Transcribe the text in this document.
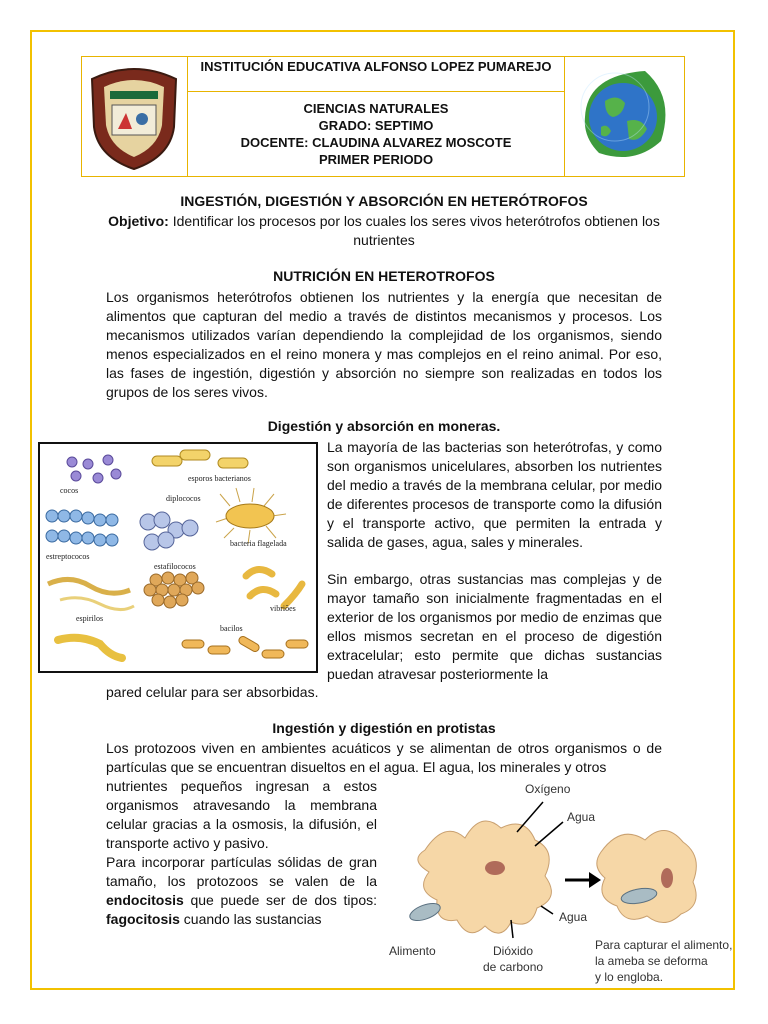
INSTITUCIÓN EDUCATIVA ALFONSO LOPEZ PUMAREJO
CIENCIAS NATURALES
GRADO: SEPTIMO
DOCENTE: CLAUDINA ALVAREZ MOSCOTE
PRIMER PERIODO
INGESTIÓN, DIGESTIÓN Y ABSORCIÓN EN HETERÓTROFOS
Objetivo: Identificar los procesos por los cuales los seres vivos heterótrofos obtienen los nutrientes
NUTRICIÓN EN HETEROTROFOS
Los organismos heterótrofos obtienen los nutrientes y la energía que necesitan de alimentos que capturan del medio a través de distintos mecanismos y procesos. Los mecanismos utilizados varían dependiendo la complejidad de los organismos, siendo menos especializados en el reino monera y mas complejos en el reino animal. Por eso, las fases de ingestión, digestión y absorción no siempre son realizadas en todos los grupos de los seres vivos.
Digestión y absorción en moneras.
cocos
esporos bacterianos
diplococos
estreptococos
bacteria flagelada
estafilococos
espirilos
vibriões
bacilos
La mayoría de las bacterias son heterótrofas, y como son organismos unicelulares, absorben los nutrientes del medio a través de la membrana celular, por medio de diferentes procesos de transporte como la difusión y el transporte activo, que permiten la entrada y salida de gases, agua, sales y minerales.
Sin embargo, otras sustancias mas complejas y de mayor tamaño son inicialmente fragmentadas en el exterior de los organismos por medio de enzimas que ellos mismos secretan en el proceso de digestión extracelular; esto permite que dichas sustancias puedan atravesar posteriormente la
pared celular para ser absorbidas.
Ingestión y digestión en protistas
Los protozoos viven en ambientes acuáticos y se alimentan de otros organismos o de partículas que se encuentran disueltos en el agua. El agua, los minerales y otros
nutrientes pequeños ingresan a estos organismos atravesando la membrana celular gracias a la osmosis, la difusión, el transporte activo y pasivo.
Para incorporar partículas sólidas de gran tamaño, los protozoos se valen de la endocitosis que puede ser de dos tipos: fagocitosis cuando las sustancias
Oxígeno
Agua
Agua
Alimento	Dióxido
de carbono
Para capturar el alimento,
la ameba se deforma
y lo engloba.
